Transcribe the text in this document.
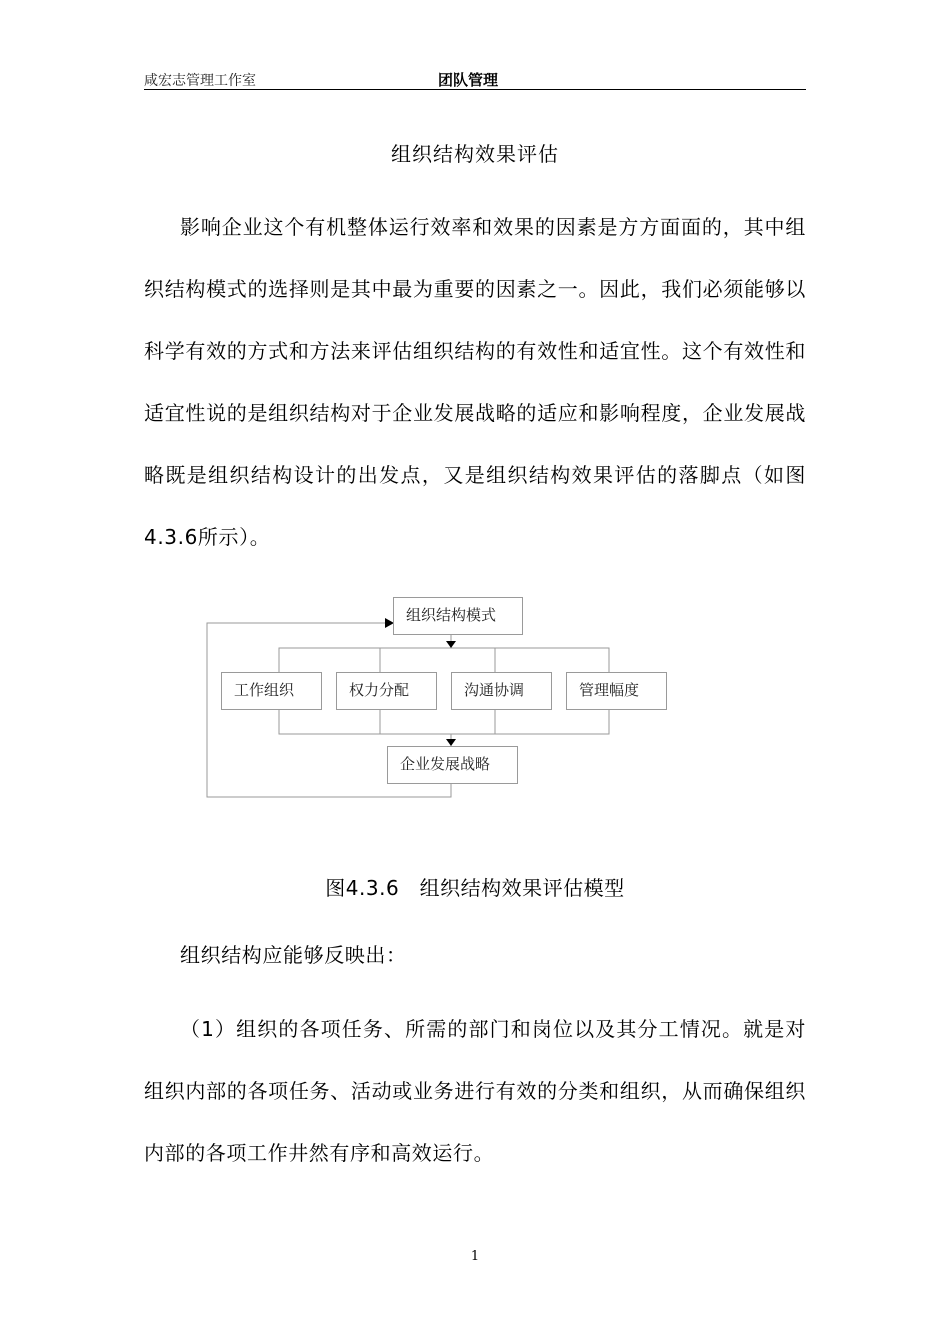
咸宏志管理工作室	团队管理
组织结构效果评估

影响企业这个有机整体运行效率和效果的因素是方方面面的，其中组织结构模式的选择则是其中最为重要的因素之一。因此，我们必须能够以科学有效的方式和方法来评估组织结构的有效性和适宜性。这个有效性和适宜性说的是组织结构对于企业发展战略的适应和影响程度，企业发展战略既是组织结构设计的出发点，又是组织结构效果评估的落脚点（如图4.3.6所示）。

组织结构模式
工作组织	权力分配	沟通协调	管理幅度
企业发展战略
图4.3.6　组织结构效果评估模型

组织结构应能够反映出：

（1）组织的各项任务、所需的部门和岗位以及其分工情况。就是对组织内部的各项任务、活动或业务进行有效的分类和组织，从而确保组织内部的各项工作井然有序和高效运行。

1
